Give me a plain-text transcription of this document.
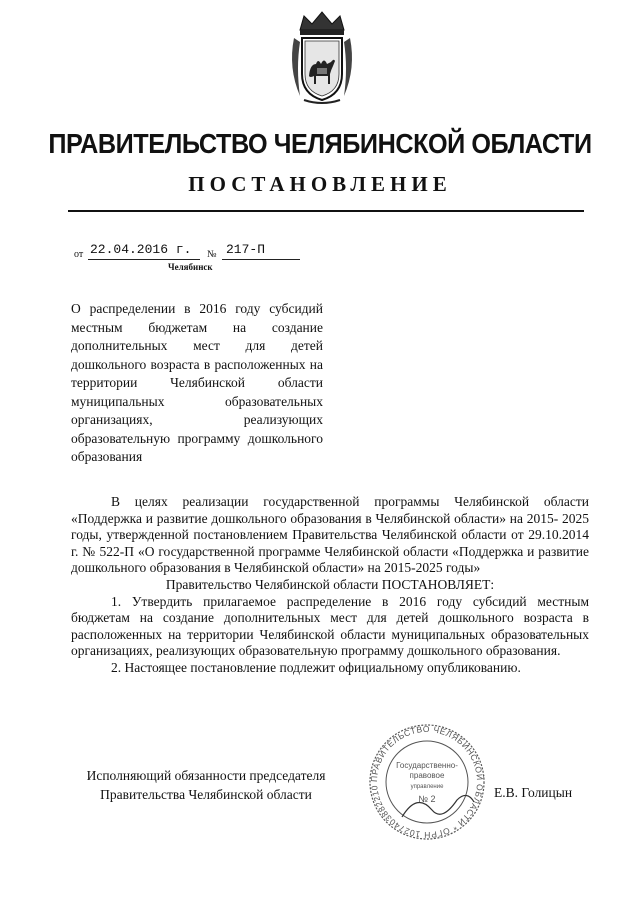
ПРАВИТЕЛЬСТВО ЧЕЛЯБИНСКОЙ ОБЛАСТИ
ПОСТАНОВЛЕНИЕ
от 22.04.2016 г. № 217-П
Челябинск
О распределении в 2016 году субсидий местным бюджетам на создание дополнительных мест для детей дошкольного возраста в расположенных на территории Челябинской области муниципальных образовательных организациях, реализующих образовательную программу дошкольного образования

В целях реализации государственной программы Челябинской области «Поддержка и развитие дошкольного образования в Челябинской области» на 2015- 2025 годы, утвержденной постановлением Правительства Челябинской области от 29.10.2014 г. № 522-П «О государственной программе Челябинской области «Поддержка и развитие дошкольного образования в Челябинской области» на 2015-2025 годы»

Правительство Челябинской области ПОСТАНОВЛЯЕТ:

1. Утвердить прилагаемое распределение в 2016 году субсидий местным бюджетам на создание дополнительных мест для детей дошкольного возраста в расположенных на территории Челябинской области муниципальных образовательных организациях, реализующих образовательную программу дошкольного образования.

2. Настоящее постановление подлежит официальному опубликованию.

Исполняющий обязанности председателя
Правительства Челябинской области	Е.В. Голицын
ПРАВИТЕЛЬСТВО ЧЕЛЯБИНСКОЙ ОБЛАСТИ * ОГРН 1027403882210
Государственно-
правовое
управление
№ 2
